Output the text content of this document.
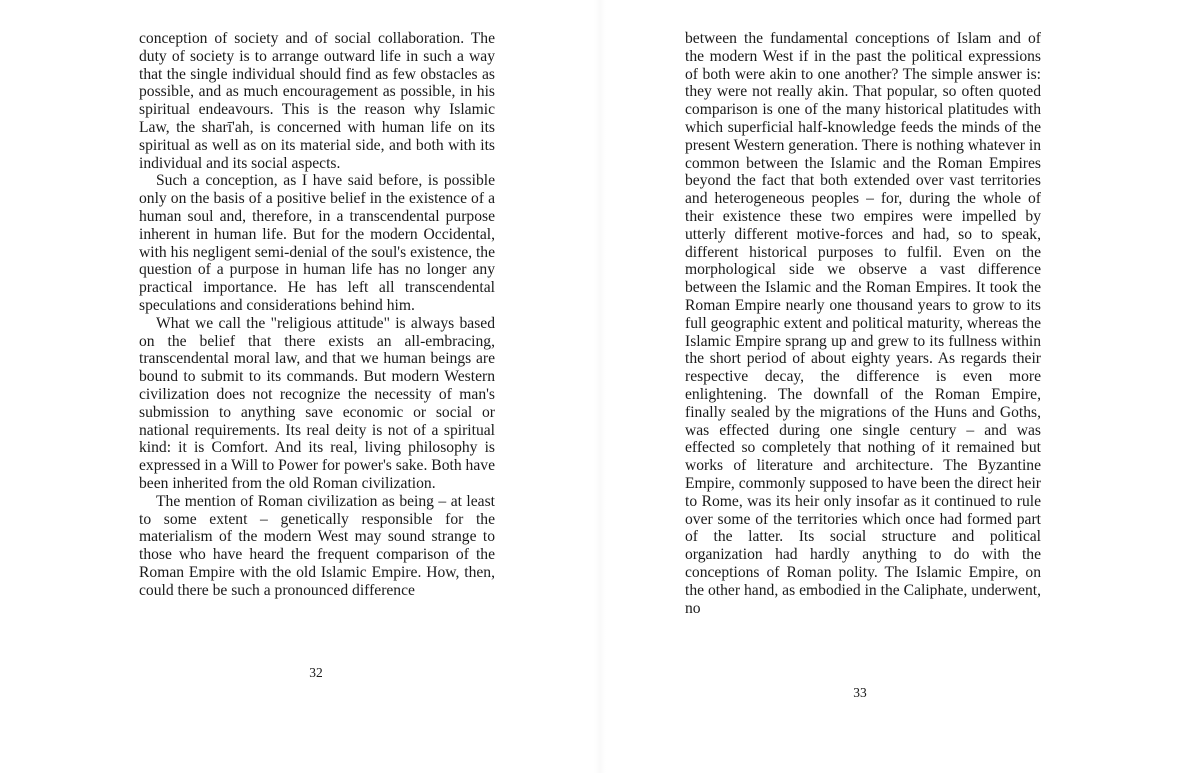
conception of society and of social collaboration. The duty of society is to arrange outward life in such a way that the single individual should find as few obstacles as possible, and as much encouragement as possible, in his spiritual endeavours. This is the reason why Islamic Law, the sharī'ah, is concerned with human life on its spiritual as well as on its material side, and both with its individual and its social aspects.

Such a conception, as I have said before, is possible only on the basis of a positive belief in the existence of a human soul and, therefore, in a transcendental purpose inherent in human life. But for the modern Occidental, with his negligent semi-denial of the soul's existence, the question of a purpose in human life has no longer any practical importance. He has left all transcendental speculations and considerations behind him.

What we call the "religious attitude" is always based on the belief that there exists an all-embracing, transcendental moral law, and that we human beings are bound to submit to its commands. But modern Western civilization does not recognize the necessity of man's submission to anything save economic or social or national requirements. Its real deity is not of a spiritual kind: it is Comfort. And its real, living philosophy is expressed in a Will to Power for power's sake. Both have been inherited from the old Roman civilization.

The mention of Roman civilization as being – at least to some extent – genetically responsible for the materialism of the modern West may sound strange to those who have heard the frequent comparison of the Roman Empire with the old Islamic Empire. How, then, could there be such a pronounced difference

32

between the fundamental conceptions of Islam and of the modern West if in the past the political expressions of both were akin to one another? The simple answer is: they were not really akin. That popular, so often quoted comparison is one of the many historical platitudes with which superficial half-knowledge feeds the minds of the present Western generation. There is nothing whatever in common between the Islamic and the Roman Empires beyond the fact that both extended over vast territories and heterogeneous peoples – for, during the whole of their existence these two empires were impelled by utterly different motive-forces and had, so to speak, different historical purposes to fulfil. Even on the morphological side we observe a vast difference between the Islamic and the Roman Empires. It took the Roman Empire nearly one thousand years to grow to its full geographic extent and political maturity, whereas the Islamic Empire sprang up and grew to its fullness within the short period of about eighty years. As regards their respective decay, the difference is even more enlightening. The downfall of the Roman Empire, finally sealed by the migrations of the Huns and Goths, was effected during one single century – and was effected so completely that nothing of it remained but works of literature and architecture. The Byzantine Empire, commonly supposed to have been the direct heir to Rome, was its heir only insofar as it continued to rule over some of the territories which once had formed part of the latter. Its social structure and political organization had hardly anything to do with the conceptions of Roman polity. The Islamic Empire, on the other hand, as embodied in the Caliphate, underwent, no

33
